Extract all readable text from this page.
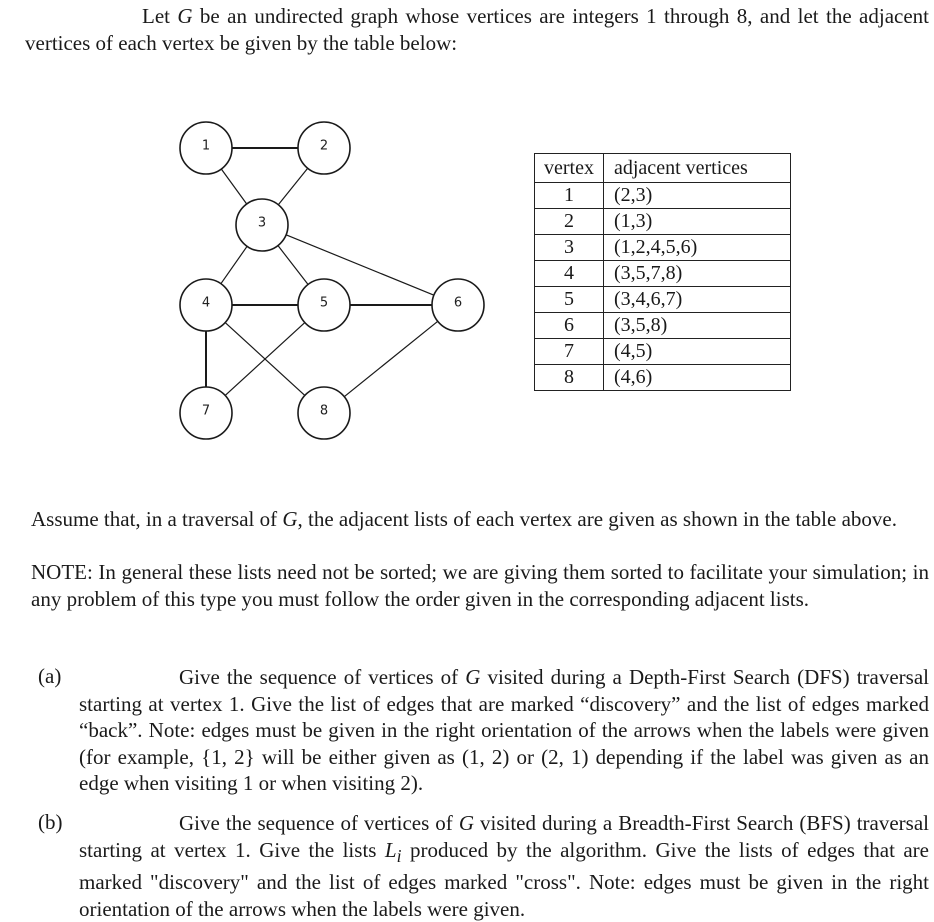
Let G be an undirected graph whose vertices are integers 1 through 8, and let the adjacent vertices of each vertex be given by the table below:
1	2
3
4	5	6
7	8
vertex	adjacent vertices
1	(2,3)
2	(1,3)
3	(1,2,4,5,6)
4	(3,5,7,8)
5	(3,4,6,7)
6	(3,5,8)
7	(4,5)
8	(4,6)
Assume that, in a traversal of G, the adjacent lists of each vertex are given as shown in the table above.
NOTE: In general these lists need not be sorted; we are giving them sorted to facilitate your simulation; in any problem of this type you must follow the order given in the corresponding adjacent lists.
(a)	Give the sequence of vertices of G visited during a Depth-First Search (DFS) traversal starting at vertex 1. Give the list of edges that are marked “discovery” and the list of edges marked “back”. Note: edges must be given in the right orientation of the arrows when the labels were given (for example, {1, 2} will be either given as (1, 2) or (2, 1) depending if the label was given as an edge when visiting 1 or when visiting 2).
(b)	Give the sequence of vertices of G visited during a Breadth-First Search (BFS) traversal starting at vertex 1. Give the lists $L_i$ produced by the algorithm. Give the lists of edges that are marked "discovery" and the list of edges marked "cross". Note: edges must be given in the right orientation of the arrows when the labels were given.
